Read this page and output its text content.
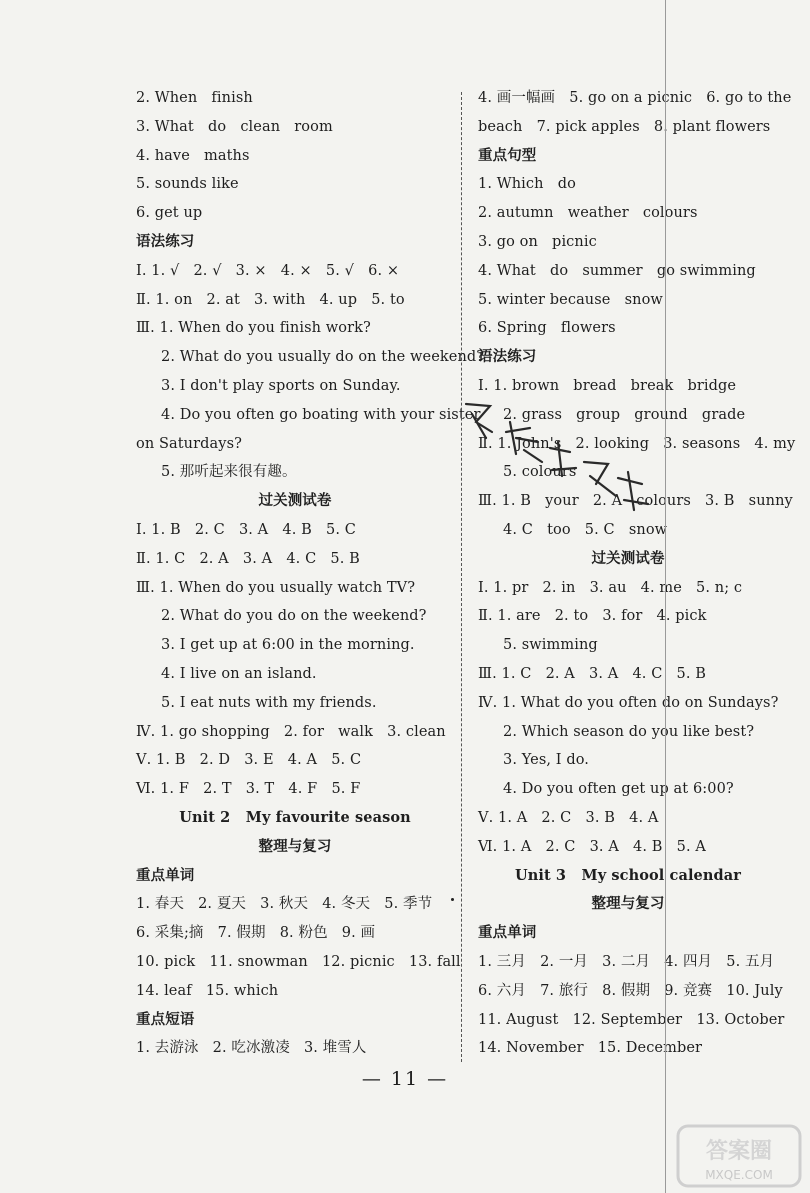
2. When   finish
3. What   do   clean   room
4. have   maths
5. sounds like
6. get up
语法练习
Ⅰ. 1. √   2. √   3. ×   4. ×   5. √   6. ×
Ⅱ. 1. on   2. at   3. with   4. up   5. to
Ⅲ. 1. When do you finish work?
2. What do you usually do on the weekend?
3. I don't play sports on Sunday.
4. Do you often go boating with your sister
on Saturdays?
5. 那听起来很有趣。
过关测试卷
Ⅰ. 1. B   2. C   3. A   4. B   5. C
Ⅱ. 1. C   2. A   3. A   4. C   5. B
Ⅲ. 1. When do you usually watch TV?
2. What do you do on the weekend?
3. I get up at 6:00 in the morning.
4. I live on an island.
5. I eat nuts with my friends.
Ⅳ. 1. go shopping   2. for   walk   3. clean
Ⅴ. 1. B   2. D   3. E   4. A   5. C
Ⅵ. 1. F   2. T   3. T   4. F   5. F
Unit 2   My favourite season
整理与复习
重点单词
1. 春天   2. 夏天   3. 秋天   4. 冬天   5. 季节
6. 采集;摘   7. 假期   8. 粉色   9. 画
10. pick   11. snowman   12. picnic   13. fall
14. leaf   15. which
重点短语
1. 去游泳   2. 吃冰激凌   3. 堆雪人
4. 画一幅画   5. go on a picnic   6. go to the
beach   7. pick apples   8. plant flowers
重点句型
1. Which   do
2. autumn   weather   colours
3. go on   picnic
4. What   do   summer   go swimming
5. winter because   snow
6. Spring   flowers
语法练习
Ⅰ. 1. brown   bread   break   bridge
2. grass   group   ground   grade
Ⅱ. 1. John's   2. looking   3. seasons   4. my
5. colours
Ⅲ. 1. B   your   2. A   colours   3. B   sunny
4. C   too   5. C   snow
过关测试卷
Ⅰ. 1. pr   2. in   3. au   4. me   5. n; c
Ⅱ. 1. are   2. to   3. for   4. pick
5. swimming
Ⅲ. 1. C   2. A   3. A   4. C   5. B
Ⅳ. 1. What do you often do on Sundays?
2. Which season do you like best?
3. Yes, I do.
4. Do you often get up at 6:00?
Ⅴ. 1. A   2. C   3. B   4. A
Ⅵ. 1. A   2. C   3. A   4. B   5. A
Unit 3   My school calendar
整理与复习
重点单词
1. 三月   2. 一月   3. 二月   4. 四月   5. 五月
6. 六月   7. 旅行   8. 假期   9. 竞赛   10. July
11. August   12. September   13. October
14. November   15. December
— 11 —
答案圈
MXQE.COM
